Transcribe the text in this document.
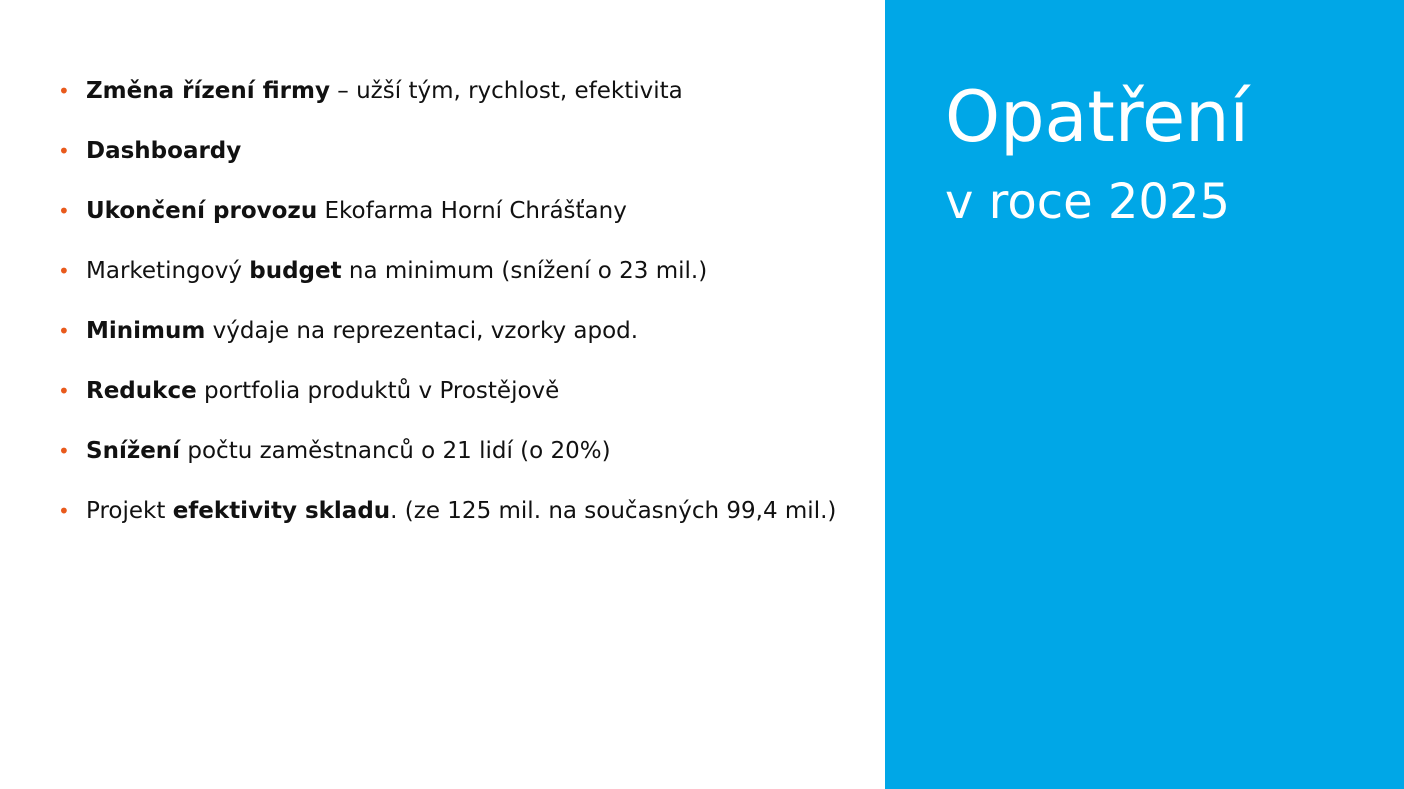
• Změna řízení firmy – užší tým, rychlost, efektivita
• Dashboardy
• Ukončení provozu Ekofarma Horní Chrášťany
• Marketingový budget na minimum (snížení o 23 mil.)
• Minimum výdaje na reprezentaci, vzorky apod.
• Redukce portfolia produktů v Prostějově
• Snížení počtu zaměstnanců o 21 lidí (o 20%)
• Projekt efektivity skladu. (ze 125 mil. na současných 99,4 mil.)
Opatření
v roce 2025
